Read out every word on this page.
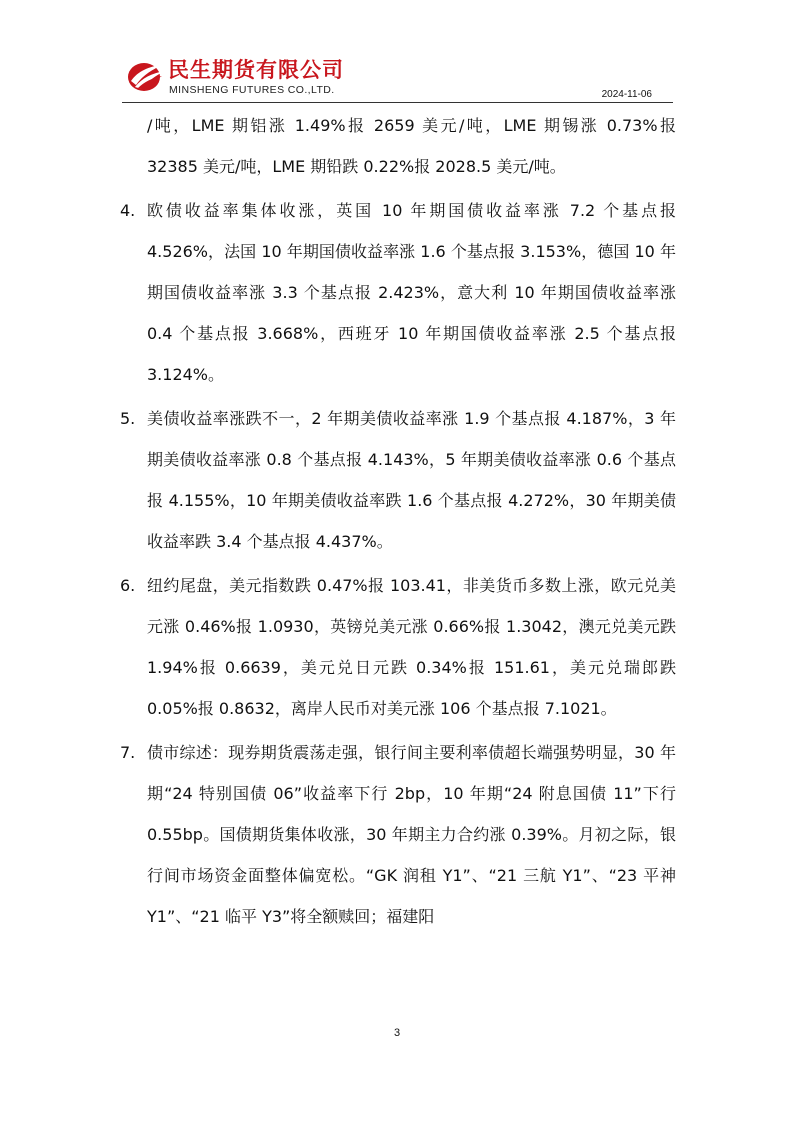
民生期货有限公司
MINSHENG FUTURES CO.,LTD.	2024-11-06

/吨，LME 期铝涨 1.49%报 2659 美元/吨，LME 期锡涨 0.73%报 32385 美元/吨，LME 期铅跌 0.22%报 2028.5 美元/吨。

4. 欧债收益率集体收涨，英国 10 年期国债收益率涨 7.2 个基点报 4.526%，法国 10 年期国债收益率涨 1.6 个基点报 3.153%，德国 10 年期国债收益率涨 3.3 个基点报 2.423%，意大利 10 年期国债收益率涨 0.4 个基点报 3.668%，西班牙 10 年期国债收益率涨 2.5 个基点报 3.124%。
5. 美债收益率涨跌不一，2 年期美债收益率涨 1.9 个基点报 4.187%，3 年期美债收益率涨 0.8 个基点报 4.143%，5 年期美债收益率涨 0.6 个基点报 4.155%，10 年期美债收益率跌 1.6 个基点报 4.272%，30 年期美债收益率跌 3.4 个基点报 4.437%。
6. 纽约尾盘，美元指数跌 0.47%报 103.41，非美货币多数上涨，欧元兑美元涨 0.46%报 1.0930，英镑兑美元涨 0.66%报 1.3042，澳元兑美元跌 1.94%报 0.6639，美元兑日元跌 0.34%报 151.61，美元兑瑞郎跌 0.05%报 0.8632，离岸人民币对美元涨 106 个基点报 7.1021。
7. 债市综述：现券期货震荡走强，银行间主要利率债超长端强势明显，30 年期“24 特别国债 06”收益率下行 2bp，10 年期“24 附息国债 11”下行 0.55bp。国债期货集体收涨，30 年期主力合约涨 0.39%。月初之际，银行间市场资金面整体偏宽松。“GK 润租 Y1”、“21 三航 Y1”、“23 平神 Y1”、“21 临平 Y3”将全额赎回；福建阳
3
